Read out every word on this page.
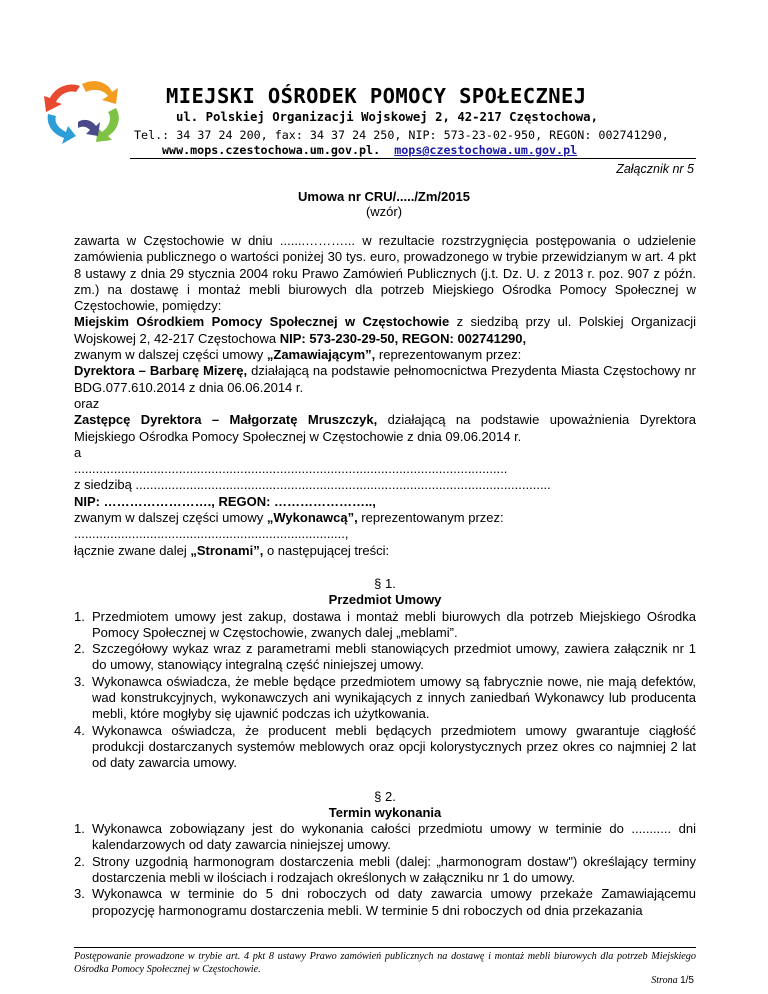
MIEJSKI OŚRODEK POMOCY SPOŁECZNEJ
ul. Polskiej Organizacji Wojskowej 2, 42-217 Częstochowa,
Tel.: 34 37 24 200, fax: 34 37 24 250, NIP: 573-23-02-950, REGON: 002741290,
www.mops.czestochowa.um.gov.pl. mops@czestochowa.um.gov.pl
Załącznik nr 5
Umowa nr CRU/...../Zm/2015
(wzór)
zawarta w Częstochowie w dniu .......………... w rezultacie rozstrzygnięcia postępowania o udzielenie zamówienia publicznego o wartości poniżej 30 tys. euro, prowadzonego w trybie przewidzianym w art. 4 pkt 8 ustawy z dnia 29 stycznia 2004 roku Prawo Zamówień Publicznych (j.t. Dz. U. z 2013 r. poz. 907 z późn. zm.) na dostawę i montaż mebli biurowych dla potrzeb Miejskiego Ośrodka Pomocy Społecznej w Częstochowie, pomiędzy:
Miejskim Ośrodkiem Pomocy Społecznej w Częstochowie z siedzibą przy ul. Polskiej Organizacji Wojskowej 2, 42-217 Częstochowa NIP: 573-230-29-50, REGON: 002741290,
zwanym w dalszej części umowy „Zamawiającym”, reprezentowanym przez:
Dyrektora – Barbarę Mizerę, działającą na podstawie pełnomocnictwa Prezydenta Miasta Częstochowy nr BDG.077.610.2014 z dnia 06.06.2014 r.
oraz
Zastępcę Dyrektora – Małgorzatę Mruszczyk, działającą na podstawie upoważnienia Dyrektora Miejskiego Ośrodka Pomocy Społecznej w Częstochowie z dnia 09.06.2014 r.
a
........................................................................................................................
z siedzibą ...................................................................................................................
NIP: ……………………., REGON: …………………..,
zwanym w dalszej części umowy „Wykonawcą”, reprezentowanym przez:
...........................................................................,
łącznie zwane dalej „Stronami”, o następującej treści:
§ 1.
Przedmiot Umowy
1. Przedmiotem umowy jest zakup, dostawa i montaż mebli biurowych dla potrzeb Miejskiego Ośrodka Pomocy Społecznej w Częstochowie, zwanych dalej „meblami”.
2. Szczegółowy wykaz wraz z parametrami mebli stanowiących przedmiot umowy, zawiera załącznik nr 1 do umowy, stanowiący integralną część niniejszej umowy.
3. Wykonawca oświadcza, że meble będące przedmiotem umowy są fabrycznie nowe, nie mają defektów, wad konstrukcyjnych, wykonawczych ani wynikających z innych zaniedbań Wykonawcy lub producenta mebli, które mogłyby się ujawnić podczas ich użytkowania.
4. Wykonawca oświadcza, że producent mebli będących przedmiotem umowy gwarantuje ciągłość produkcji dostarczanych systemów meblowych oraz opcji kolorystycznych przez okres co najmniej 2 lat od daty zawarcia umowy.
§ 2.
Termin wykonania
1. Wykonawca zobowiązany jest do wykonania całości przedmiotu umowy w terminie do ........... dni kalendarzowych od daty zawarcia niniejszej umowy.
2. Strony uzgodnią harmonogram dostarczenia mebli (dalej: „harmonogram dostaw") określający terminy dostarczenia mebli w ilościach i rodzajach określonych w załączniku nr 1 do umowy.
3. Wykonawca w terminie do 5 dni roboczych od daty zawarcia umowy przekaże Zamawiającemu propozycję harmonogramu dostarczenia mebli. W terminie 5 dni roboczych od dnia przekazania
Postępowanie prowadzone w trybie art. 4 pkt 8 ustawy Prawo zamówień publicznych na dostawę i montaż mebli biurowych dla potrzeb Miejskiego Ośrodka Pomocy Społecznej w Częstochowie.
Strona 1/5
